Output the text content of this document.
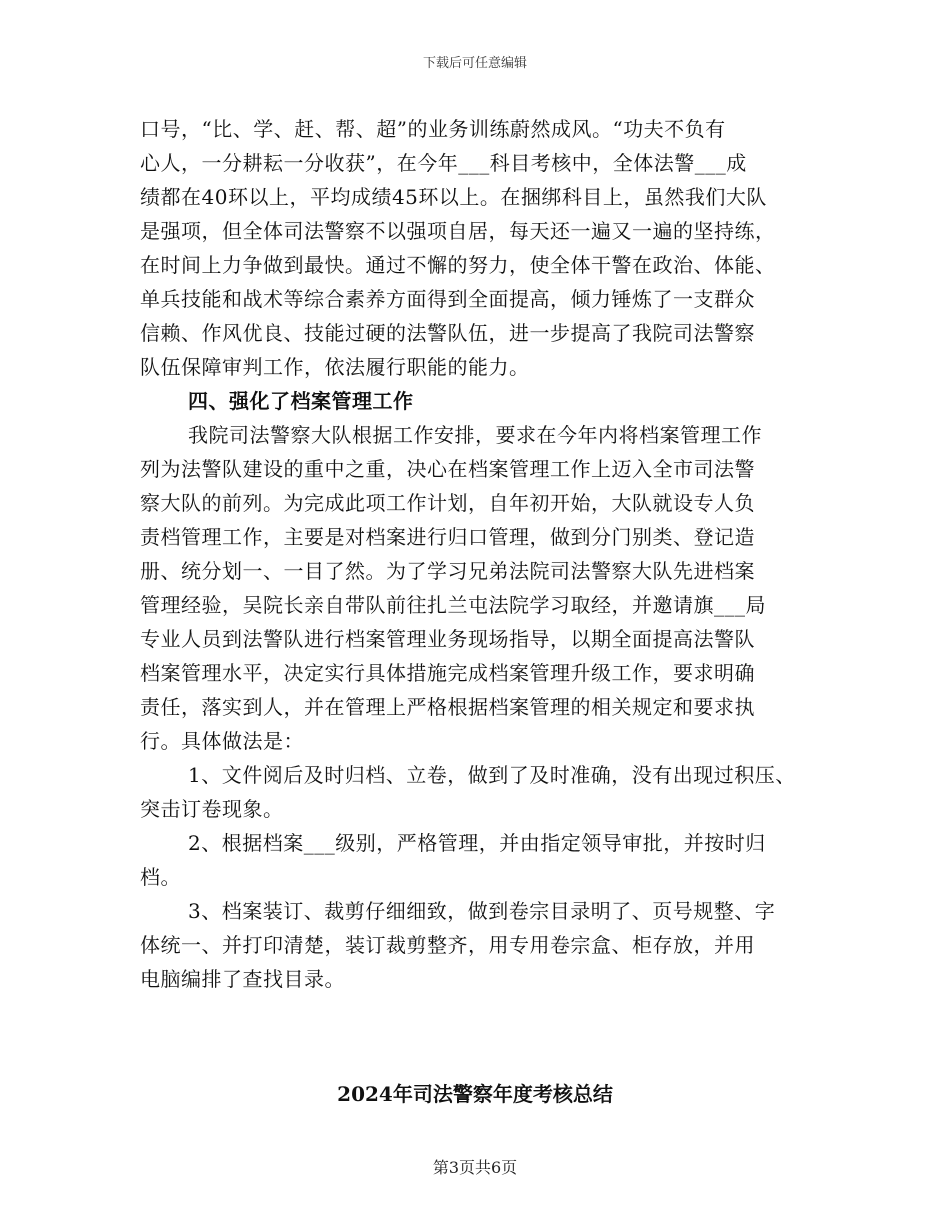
下载后可任意编辑
口号，“比、学、赶、帮、超”的业务训练蔚然成风。“功夫不负有
心人，一分耕耘一分收获”，在今年___科目考核中，全体法警___成
绩都在40环以上，平均成绩45环以上。在捆绑科目上，虽然我们大队
是强项，但全体司法警察不以强项自居，每天还一遍又一遍的坚持练，
在时间上力争做到最快。通过不懈的努力，使全体干警在政治、体能、
单兵技能和战术等综合素养方面得到全面提高，倾力锤炼了一支群众
信赖、作风优良、技能过硬的法警队伍，进一步提高了我院司法警察
队伍保障审判工作，依法履行职能的能力。
四、强化了档案管理工作
我院司法警察大队根据工作安排，要求在今年内将档案管理工作
列为法警队建设的重中之重，决心在档案管理工作上迈入全市司法警
察大队的前列。为完成此项工作计划，自年初开始，大队就设专人负
责档管理工作，主要是对档案进行归口管理，做到分门别类、登记造
册、统分划一、一目了然。为了学习兄弟法院司法警察大队先进档案
管理经验，吴院长亲自带队前往扎兰屯法院学习取经，并邀请旗___局
专业人员到法警队进行档案管理业务现场指导，以期全面提高法警队
档案管理水平，决定实行具体措施完成档案管理升级工作，要求明确
责任，落实到人，并在管理上严格根据档案管理的相关规定和要求执
行。具体做法是：
1、文件阅后及时归档、立卷，做到了及时准确，没有出现过积压、
突击订卷现象。
2、根据档案___级别，严格管理，并由指定领导审批，并按时归
档。
3、档案装订、裁剪仔细细致，做到卷宗目录明了、页号规整、字
体统一、并打印清楚，装订裁剪整齐，用专用卷宗盒、柜存放，并用
电脑编排了查找目录。
2024年司法警察年度考核总结
第3页共6页
